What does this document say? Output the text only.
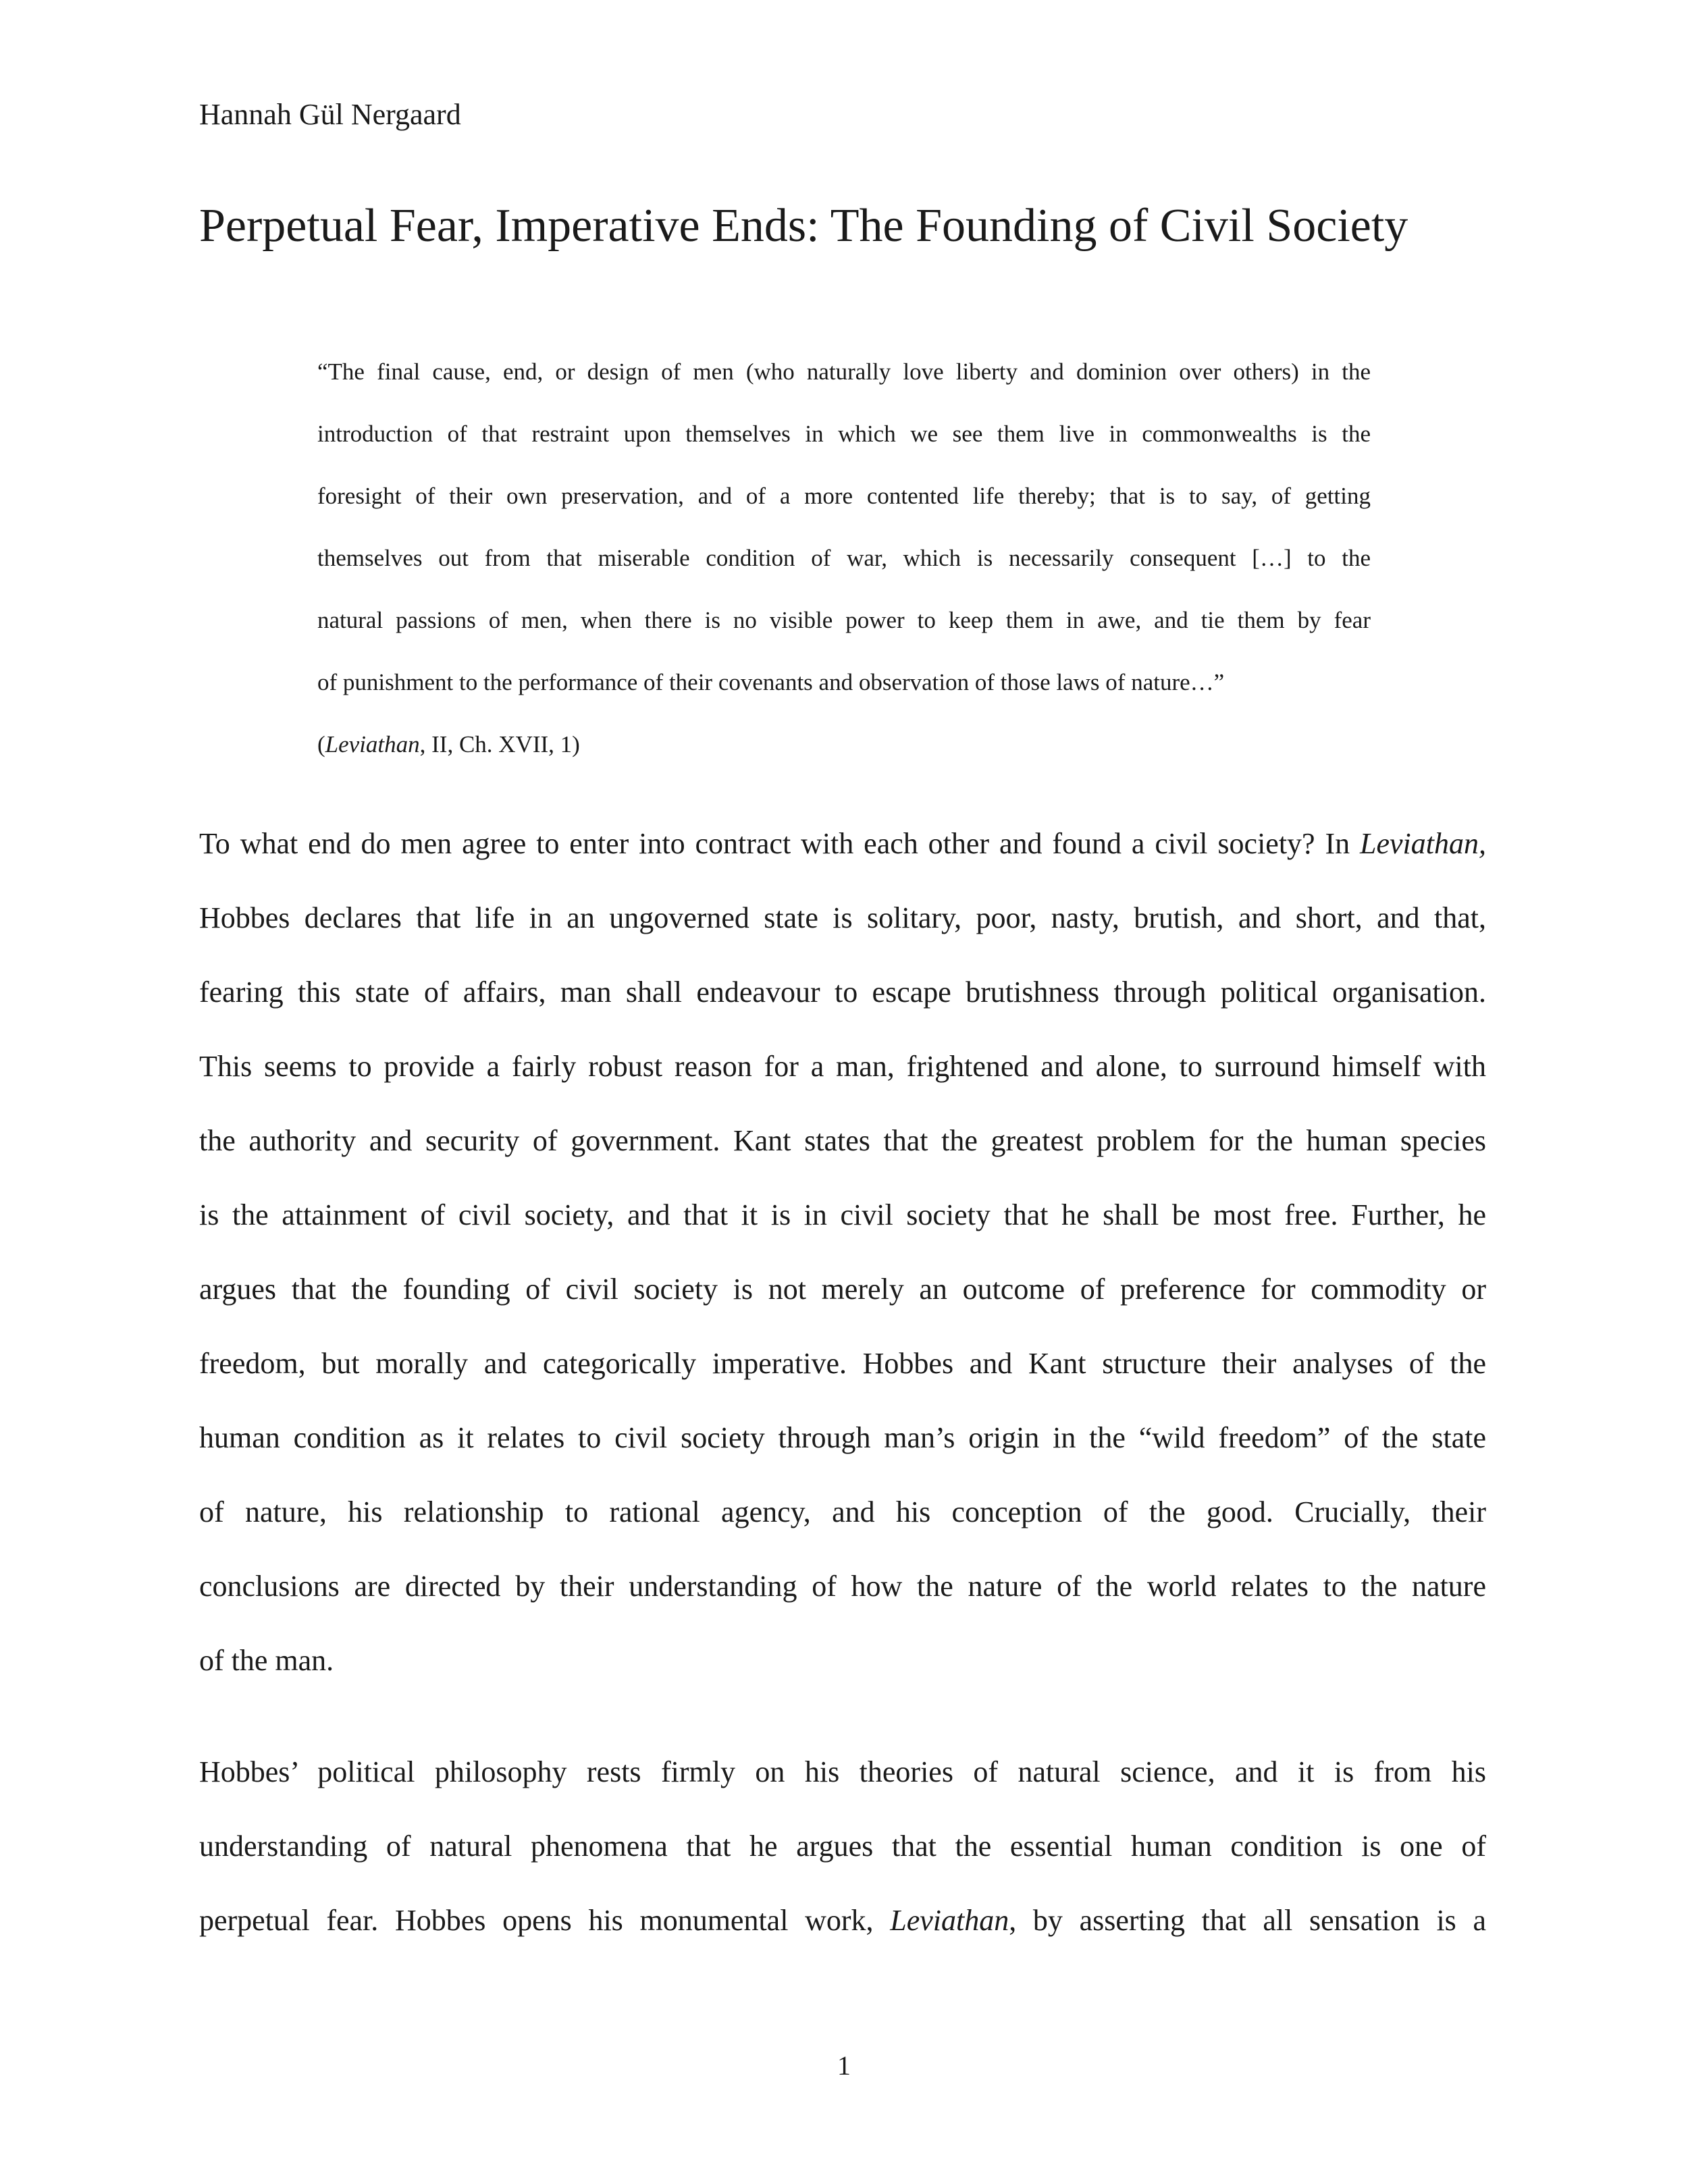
Hannah Gül Nergaard

Perpetual Fear, Imperative Ends: The Founding of Civil Society
“The final cause, end, or design of men (who naturally love liberty and dominion over others) in the
introduction of that restraint upon themselves in which we see them live in commonwealths is the
foresight of their own preservation, and of a more contented life thereby; that is to say, of getting
themselves out from that miserable condition of war, which is necessarily consequent […] to the
natural passions of men, when there is no visible power to keep them in awe, and tie them by fear
of punishment to the performance of their covenants and observation of those laws of nature…”
(Leviathan, II, Ch. XVII, 1)
To what end do men agree to enter into contract with each other and found a civil society? In Leviathan,
Hobbes declares that life in an ungoverned state is solitary, poor, nasty, brutish, and short, and that,
fearing this state of affairs, man shall endeavour to escape brutishness through political organisation.
This seems to provide a fairly robust reason for a man, frightened and alone, to surround himself with
the authority and security of government. Kant states that the greatest problem for the human species
is the attainment of civil society, and that it is in civil society that he shall be most free. Further, he
argues that the founding of civil society is not merely an outcome of preference for commodity or
freedom, but morally and categorically imperative. Hobbes and Kant structure their analyses of the
human condition as it relates to civil society through man’s origin in the “wild freedom” of the state
of nature, his relationship to rational agency, and his conception of the good. Crucially, their
conclusions are directed by their understanding of how the nature of the world relates to the nature
of the man.
Hobbes’ political philosophy rests firmly on his theories of natural science, and it is from his
understanding of natural phenomena that he argues that the essential human condition is one of
perpetual fear. Hobbes opens his monumental work, Leviathan, by asserting that all sensation is a

1
